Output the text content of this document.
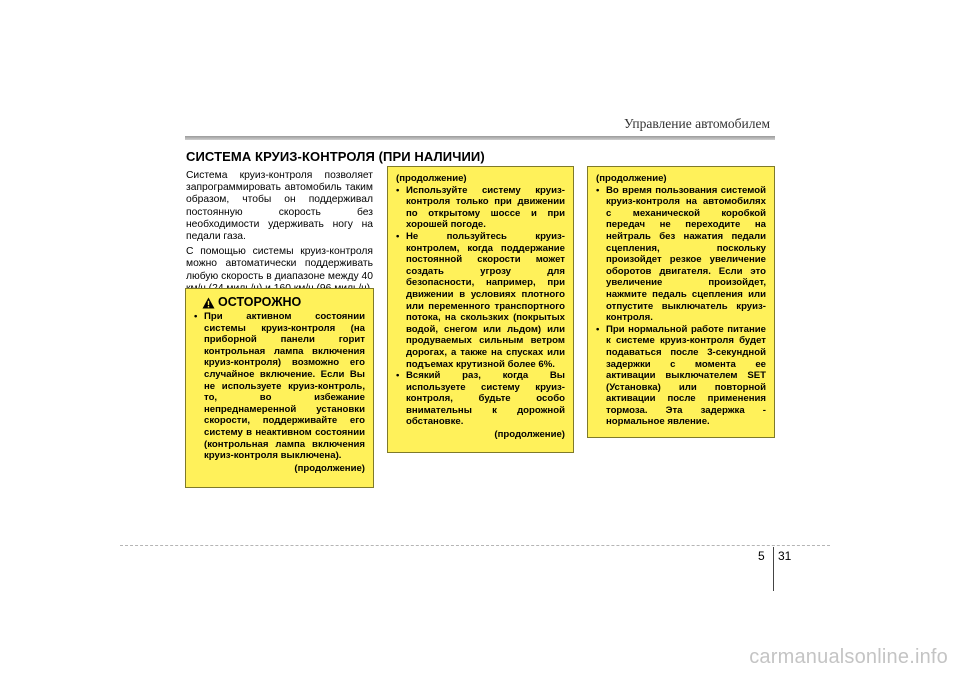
Управление автомобилем
СИСТЕМА КРУИЗ-КОНТРОЛЯ (ПРИ НАЛИЧИИ)

Система круиз-контроля позволяет запрограммировать автомобиль таким образом, чтобы он поддерживал постоянную скорость без необходимости удерживать ногу на педали газа.

С помощью системы круиз-контроля можно автоматически поддерживать любую скорость в диапазоне между 40

ОСТОРОЖНО
• При активном состоянии системы круиз-контроля (на приборной панели горит контрольная лампа включения круиз-контроля) возможно его случайное включение. Если Вы не используете круиз-контроль, то, во избежание непреднамеренной установки скорости, поддерживайте его систему в неактивном состоянии (контрольная лампа включения круиз-контроля выключена).

(продолжение)

(продолжение)

• Используйте систему круиз-контроля только при движении по открытому шоссе и при хорошей погоде.
• Не пользуйтесь круиз-контролем, когда поддержание постоянной скорости может создать угрозу для безопасности, например, при движении в условиях плотного или переменного транспортного потока, на скользких (покрытых водой, снегом или льдом) или продуваемых сильным ветром дорогах, а также на спусках или подъемах крутизной более 6%.
• Всякий раз, когда Вы используете систему круиз-контроля, будьте особо внимательны к дорожной обстановке.

(продолжение)

(продолжение)

• Во время пользования системой круиз-контроля на автомобилях с механической коробкой передач не переходите на нейтраль без нажатия педали сцепления, поскольку произойдет резкое увеличение оборотов двигателя. Если это увеличение произойдет, нажмите педаль сцепления или отпустите выключатель круиз-контроля.
• При нормальной работе питание к системе круиз-контроля будет подаваться после 3-секундной задержки с момента ее активации выключателем SET (Установка) или повторной активации после применения тормоза. Эта задержка - нормальное явление.
5 31
carmanualsonline.info
